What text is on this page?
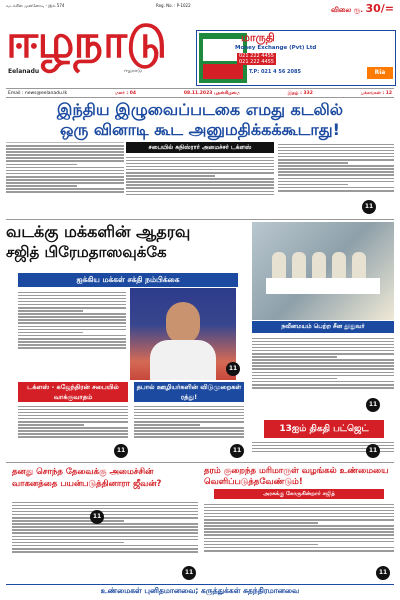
வடக்கின் முன்னோடி - இல் 574	Reg. No. : P-1022
விலை ரூ. 30/=
ஈழநாடு
Eelanadu	ஈழநாடு
மாருதி
Money Exchange (Pvt) Ltd
021 222 4455
021 222 4455
T.P: 021 4 56 2085	Ria
Email : news@eelanadu.lk	மலர் : 04	08.11.2023 புதன்கிழமை	இதழ் : 332	பக்கங்கள் : 12
இந்திய இழுவைப்படகை எமது கடலில்
ஒரு வினாடி கூட அனுமதிக்கக்கூடாது!
சபையில் சுநிஸ்ரார் அமைச்சர் டக்ளஸ்
11
வடக்கு மக்களின் ஆதரவு
சஜித் பிரேமதாஸவுக்கே
ஐக்கிய மக்கள் சக்தி நம்பிக்கை
11
நவீனமயம் பெற்ற சீன தூதுவர்
11
டக்ளஸ் - கஜேந்திரன் சபையில் வாக்குவாதம்
தபால் ஊழியர்களின் விடுமுறைகள் ரத்து!
11	11
13ஐம் திகதி பட்ஜெட்
11
தனது சொந்த தேவைக்கு அமைச்சின் வாகனத்தை பயன்படுத்தினாரா ஜீவன்?
தரம் குறைந்த மரிமாருள் வழங்கல் உண்மையை வெளிப்படுத்தவேண்டும்!
அரசுக்கு கோருகின்றார் சஜித்
11	11
11
உண்மைகள் புனிதமானவை; கருத்துக்கள் சுதந்திரமானவை
